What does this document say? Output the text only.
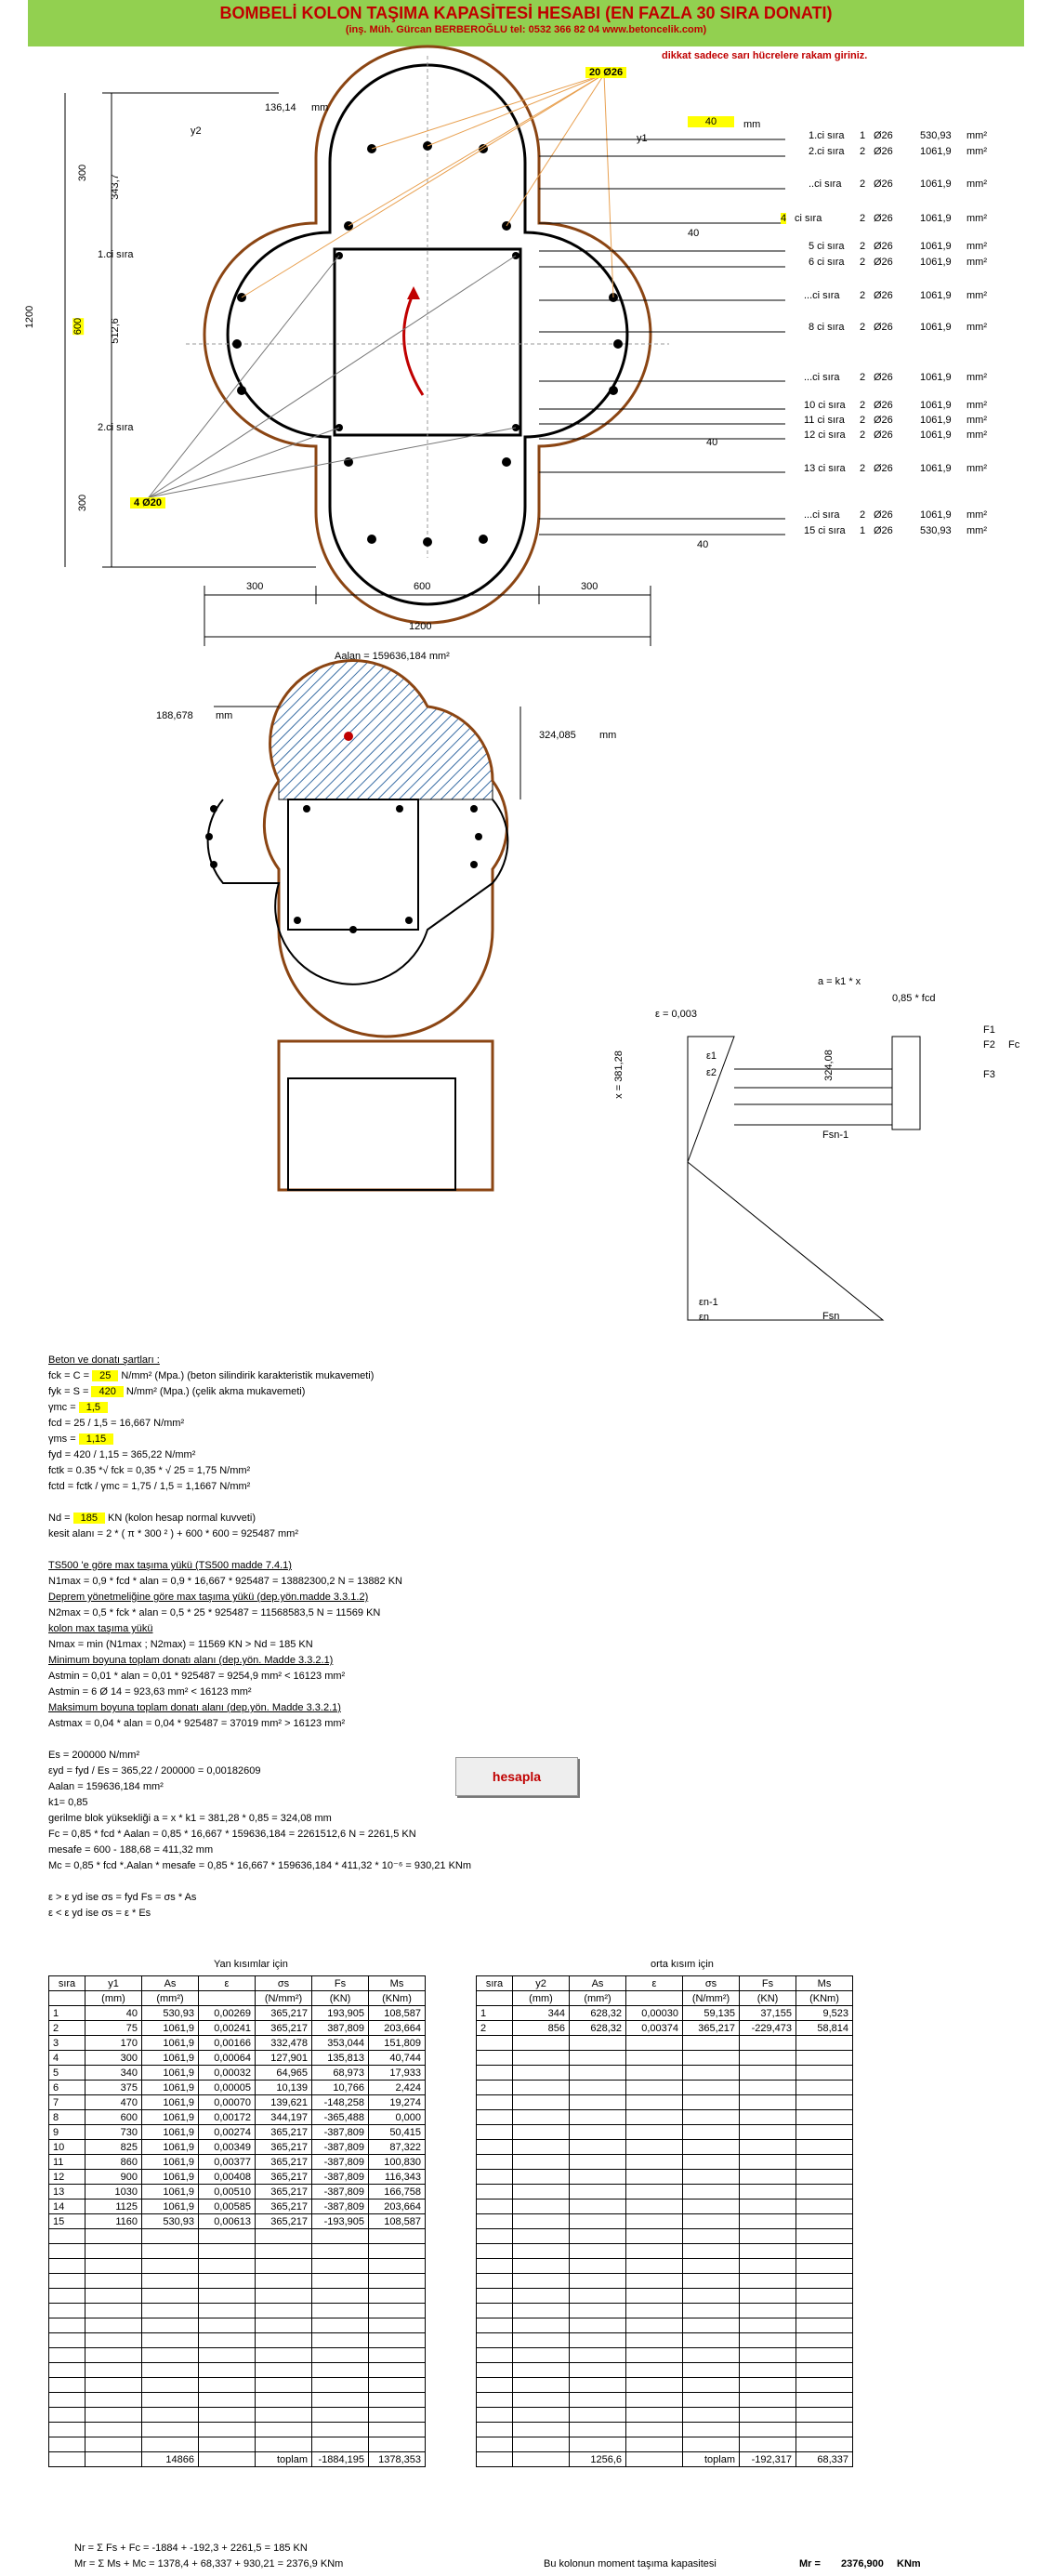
BOMBELİ KOLON TAŞIMA KAPASİTESİ HESABI (EN FAZLA 30 SIRA DONATI)
(inş. Müh. Gürcan BERBEROĞLU tel: 0532 366 82 04 www.betoncelik.com)
dikkat sadece sarı hücrelere rakam giriniz.
20 Ø26
136,14 mm
y2
y1
40	mm
343,7
300
512,6
600
1200
300
1.ci sıra
2.ci sıra
4 Ø20
40
40
40
300	600	300
1200
1.ci sıra 1 Ø26	530,93 mm²
2.ci sıra 2 Ø26	1061,9 mm²
..ci sıra 2 Ø26	1061,9 mm²
4 ci sıra	2 Ø26	1061,9 mm²
5 ci sıra 2 Ø26	1061,9 mm²
6 ci sıra 2 Ø26	1061,9 mm²
...ci sıra 2 Ø26	1061,9 mm²
8 ci sıra 2 Ø26	1061,9 mm²
...ci sıra 2 Ø26	1061,9 mm²
10 ci sıra 2 Ø26	1061,9 mm²
11 ci sıra 2 Ø26	1061,9 mm²
12 ci sıra 2 Ø26	1061,9 mm²
13 ci sıra 2 Ø26	1061,9 mm²
...ci sıra 2 Ø26	1061,9 mm²
15 ci sıra 1 Ø26	530,93 mm²
Aalan = 159636,184 mm²
188,678 mm
324,085 mm
a = k1 * x
0,85 * fcd
ε = 0,003
x = 381,28	324,08
F1
F2 Fc
F3
Fsn-1
Fsn
ε1
ε2
εn-1
εn
Beton ve donatı şartları :
fck = C = 25 N/mm² (Mpa.) (beton silindirik karakteristik mukavemeti)
fyk = S = 420 N/mm² (Mpa.) (çelik akma mukavemeti)
γmc = 1,5
fcd = 25 / 1,5 = 16,667 N/mm²
γms = 1,15
fyd = 420 / 1,15 = 365,22 N/mm²
fctk = 0.35 *√ fck = 0,35 * √ 25 = 1,75 N/mm²
fctd = fctk / γmc = 1,75 / 1,5 = 1,1667 N/mm²

Nd = 185 KN (kolon hesap normal kuvveti)
kesit alanı = 2 * ( π * 300 ² ) + 600 * 600 = 925487 mm²

TS500 'e göre max taşıma yükü (TS500 madde 7.4.1)
N1max = 0,9 * fcd * alan = 0,9 * 16,667 * 925487 = 13882300,2 N = 13882 KN
Deprem yönetmeliğine göre max taşıma yükü (dep.yön.madde 3.3.1.2)
N2max = 0,5 * fck * alan = 0,5 * 25 * 925487 = 11568583,5 N = 11569 KN
kolon max taşıma yükü
Nmax = min (N1max ; N2max) = 11569 KN > Nd = 185 KN
Minimum boyuna toplam donatı alanı (dep.yön. Madde 3.3.2.1)
Astmin = 0,01 * alan = 0,01 * 925487 = 9254,9 mm² < 16123 mm²
Astmin = 6 Ø 14 = 923,63 mm² < 16123 mm²
Maksimum boyuna toplam donatı alanı (dep.yön. Madde 3.3.2.1)
Astmax = 0,04 * alan = 0,04 * 925487 = 37019 mm² > 16123 mm²

Es = 200000 N/mm²
εyd = fyd / Es = 365,22 / 200000 = 0,00182609
Aalan = 159636,184 mm²
k1= 0,85
gerilme blok yüksekliği a = x * k1 = 381,28 * 0,85 = 324,08 mm
Fc = 0,85 * fcd * Aalan = 0,85 * 16,667 * 159636,184 = 2261512,6 N = 2261,5 KN
mesafe = 600 - 188,68 = 411,32 mm
Mc = 0,85 * fcd *.Aalan * mesafe = 0,85 * 16,667 * 159636,184 * 411,32 * 10⁻⁶ = 930,21 KNm

ε > ε yd ise σs = fyd Fs = σs * As
ε < ε yd ise σs = ε * Es
hesapla
Yan kısımlar için	orta kısım için
sıra	y1	As	ε	σs	Fs	Ms
	(mm)	(mm²)		(N/mm²)	(KN)	(KNm)
1	40	530,93	0,00269	365,217	193,905	108,587
2	75	1061,9	0,00241	365,217	387,809	203,664
3	170	1061,9	0,00166	332,478	353,044	151,809
4	300	1061,9	0,00064	127,901	135,813	40,744
5	340	1061,9	0,00032	64,965	68,973	17,933
6	375	1061,9	0,00005	10,139	10,766	2,424
7	470	1061,9	0,00070	139,621	-148,258	19,274
8	600	1061,9	0,00172	344,197	-365,488	0,000
9	730	1061,9	0,00274	365,217	-387,809	50,415
10	825	1061,9	0,00349	365,217	-387,809	87,322
11	860	1061,9	0,00377	365,217	-387,809	100,830
12	900	1061,9	0,00408	365,217	-387,809	116,343
13	1030	1061,9	0,00510	365,217	-387,809	166,758
14	1125	1061,9	0,00585	365,217	-387,809	203,664
15	1160	530,93	0,00613	365,217	-193,905	108,587

		14866		toplam	-1884,195	1378,353
sıra	y2	As	ε	σs	Fs	Ms
	(mm)	(mm²)		(N/mm²)	(KN)	(KNm)
1	344	628,32	0,00030	59,135	37,155	9,523
2	856	628,32	0,00374	365,217	-229,473	58,814

		1256,6		toplam	-192,317	68,337
Nr = Σ Fs + Fc = -1884 + -192,3 + 2261,5 = 185 KN
Mr = Σ Ms + Mc = 1378,4 + 68,337 + 930,21 = 2376,9 KNm	Bu kolonun moment taşıma kapasitesi	Mr = 2376,900 KNm
